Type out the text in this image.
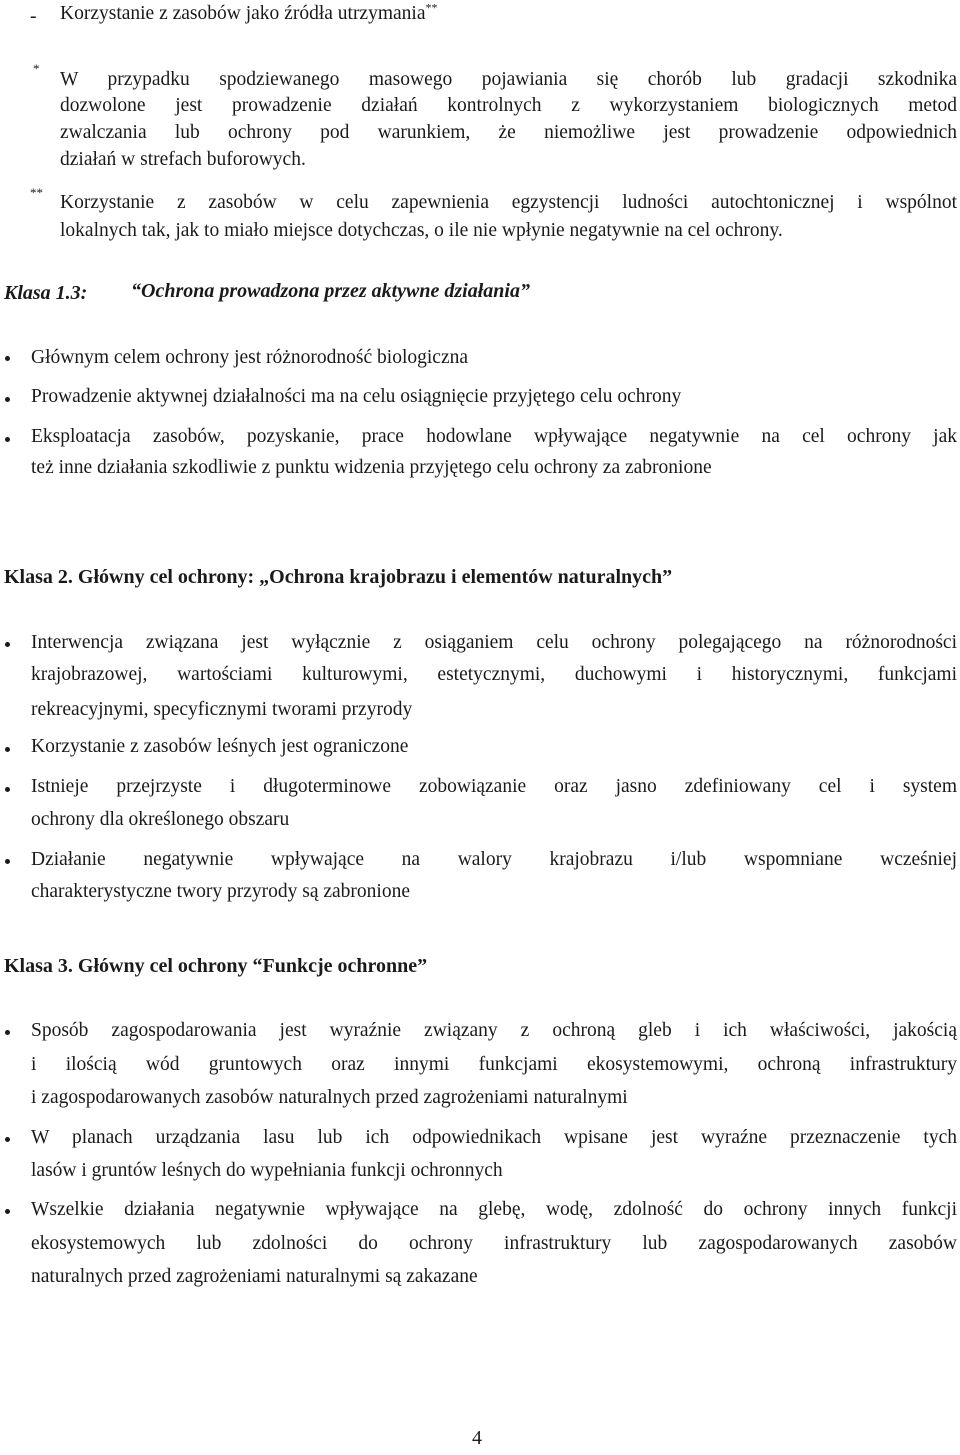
- Korzystanie z zasobów jako źródła utrzymania**
*
W przypadku spodziewanego masowego pojawiania się chorób lub gradacji szkodnika
dozwolone jest prowadzenie działań kontrolnych z wykorzystaniem biologicznych metod
zwalczania lub ochrony pod warunkiem, że niemożliwe jest prowadzenie odpowiednich
działań w strefach buforowych.
** Korzystanie z zasobów w celu zapewnienia egzystencji ludności autochtonicznej i wspólnot
lokalnych tak, jak to miało miejsce dotychczas, o ile nie wpłynie negatywnie na cel ochrony.
Klasa 1.3: “Ochrona prowadzona przez aktywne działania”
Głównym celem ochrony jest różnorodność biologiczna
Prowadzenie aktywnej działalności ma na celu osiągnięcie przyjętego celu ochrony
Eksploatacja zasobów, pozyskanie, prace hodowlane wpływające negatywnie na cel ochrony jak
też inne działania szkodliwie z punktu widzenia przyjętego celu ochrony za zabronione
Klasa 2. Główny cel ochrony: „Ochrona krajobrazu i elementów naturalnych”
Interwencja związana jest wyłącznie z osiąganiem celu ochrony polegającego na różnorodności
krajobrazowej, wartościami kulturowymi, estetycznymi, duchowymi i historycznymi, funkcjami
rekreacyjnymi, specyficznymi tworami przyrody
Korzystanie z zasobów leśnych jest ograniczone
Istnieje przejrzyste i długoterminowe zobowiązanie oraz jasno zdefiniowany cel i system
ochrony dla określonego obszaru
Działanie negatywnie wpływające na walory krajobrazu i/lub wspomniane wcześniej
charakterystyczne twory przyrody są zabronione
Klasa 3. Główny cel ochrony “Funkcje ochronne”
Sposób zagospodarowania jest wyraźnie związany z ochroną gleb i ich właściwości, jakością
i ilością wód gruntowych oraz innymi funkcjami ekosystemowymi, ochroną infrastruktury
i zagospodarowanych zasobów naturalnych przed zagrożeniami naturalnymi
W planach urządzania lasu lub ich odpowiednikach wpisane jest wyraźne przeznaczenie tych
lasów i gruntów leśnych do wypełniania funkcji ochronnych
Wszelkie działania negatywnie wpływające na glebę, wodę, zdolność do ochrony innych funkcji
ekosystemowych lub zdolności do ochrony infrastruktury lub zagospodarowanych zasobów
naturalnych przed zagrożeniami naturalnymi są zakazane
4
